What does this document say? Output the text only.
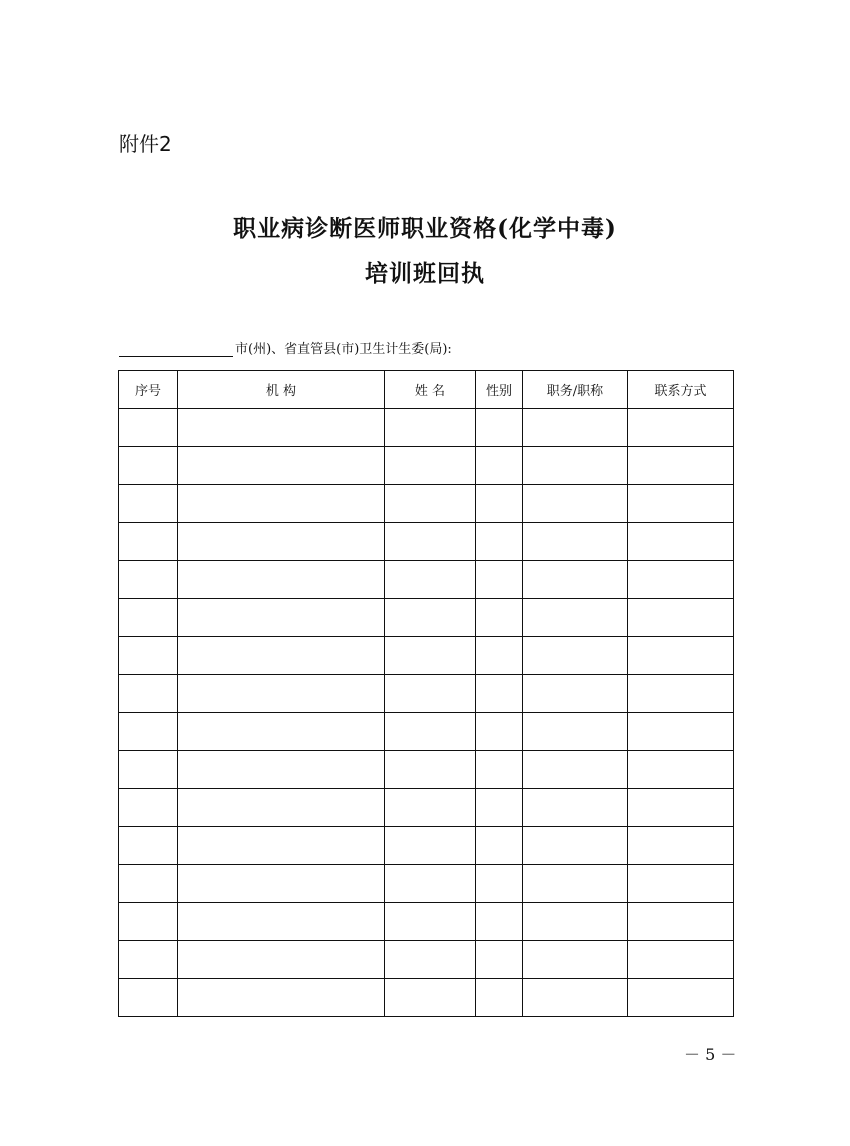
附件2
职业病诊断医师职业资格(化学中毒)
培训班回执
市(州)、省直管县(市)卫生计生委(局):
序号	机 构	姓 名	性别	职务/职称	联系方式

－ 5 －
